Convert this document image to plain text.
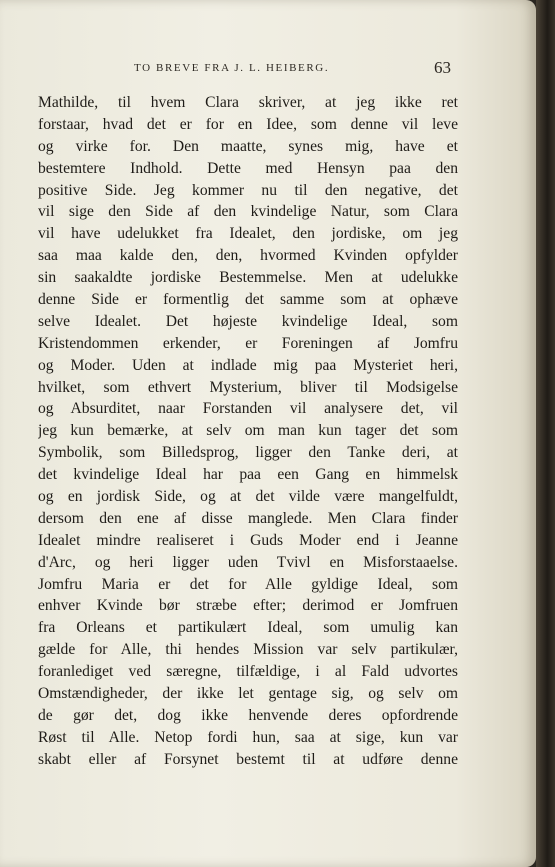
TO BREVE FRA J. L. HEIBERG.	63
Mathilde, til hvem Clara skriver, at jeg ikke ret
forstaar, hvad det er for en Idee, som denne vil leve
og virke for. Den maatte, synes mig, have et
bestemtere Indhold. Dette med Hensyn paa den
positive Side. Jeg kommer nu til den negative, det
vil sige den Side af den kvindelige Natur, som Clara
vil have udelukket fra Idealet, den jordiske, om jeg
saa maa kalde den, den, hvormed Kvinden opfylder
sin saakaldte jordiske Bestemmelse. Men at udelukke
denne Side er formentlig det samme som at ophæve
selve Idealet. Det højeste kvindelige Ideal, som
Kristendommen erkender, er Foreningen af Jomfru
og Moder. Uden at indlade mig paa Mysteriet heri,
hvilket, som ethvert Mysterium, bliver til Modsigelse
og Absurditet, naar Forstanden vil analysere det, vil
jeg kun bemærke, at selv om man kun tager det som
Symbolik, som Billedsprog, ligger den Tanke deri, at
det kvindelige Ideal har paa een Gang en himmelsk
og en jordisk Side, og at det vilde være mangelfuldt,
dersom den ene af disse manglede. Men Clara finder
Idealet mindre realiseret i Guds Moder end i Jeanne
d'Arc, og heri ligger uden Tvivl en Misforstaaelse.
Jomfru Maria er det for Alle gyldige Ideal, som
enhver Kvinde bør stræbe efter; derimod er Jomfruen
fra Orleans et partikulært Ideal, som umulig kan
gælde for Alle, thi hendes Mission var selv partikulær,
foranlediget ved særegne, tilfældige, i al Fald udvortes
Omstændigheder, der ikke let gentage sig, og selv om
de gør det, dog ikke henvende deres opfordrende
Røst til Alle. Netop fordi hun, saa at sige, kun var
skabt eller af Forsynet bestemt til at udføre denne
